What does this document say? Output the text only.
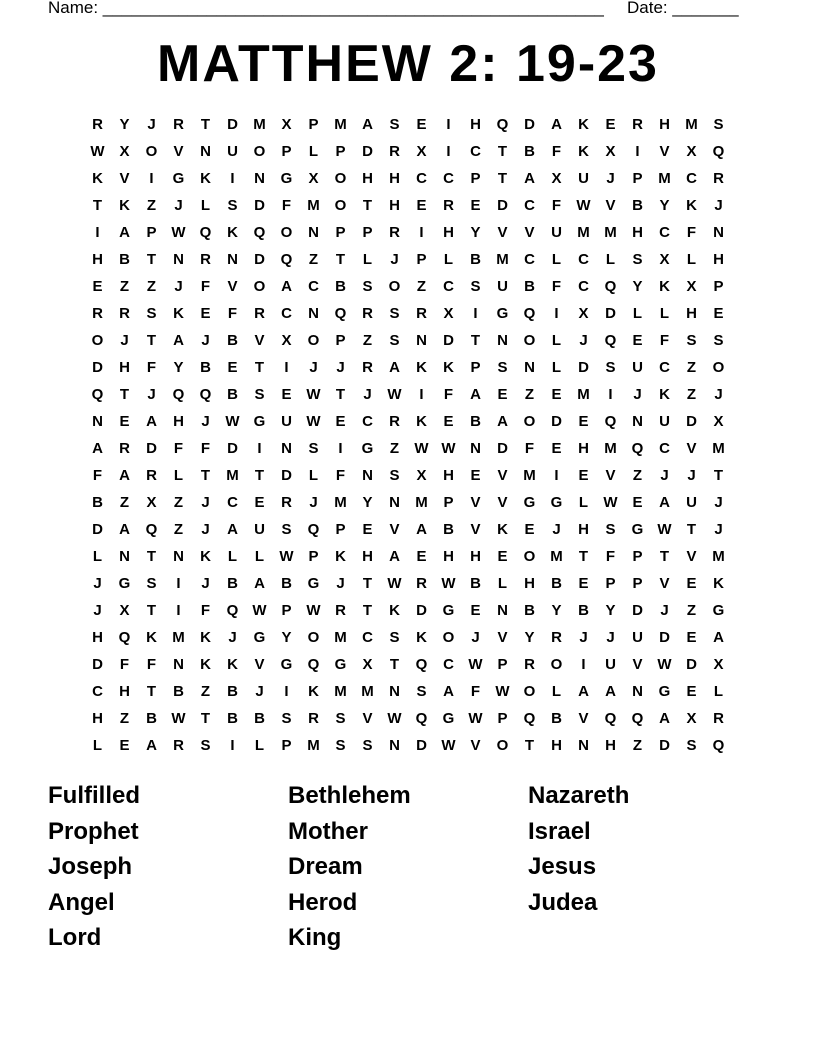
Name: _____________________________________________________ Date: _______
MATTHEW 2: 19-23
R	Y	J	R	T	D	M	X	P	M	A	S	E	I	H	Q	D	A	K	E	R	H	M	S
W X	O	V	N	U	O	P	L	P	D	R	X	I	C	T	B	F	K	X	I	V	X	Q
K	V	I	G	K	I	N	G	X	O	H	H	C	C	P	T	A	X	U	J	P	M	C	R
T	K	Z	J	L	S	D	F	M O	T	H	E	R	E	D	C	F	W V	B	Y	K	J
I	A	P W Q	K	Q	O	N	P	P	R	I	H	Y	V	V	U	M M	H	C	F	N
H	B	T	N	R	N	D	Q	Z	T	L	J	P	L	B	M	C	L	C	L	S	X	L	H
E	Z	Z	J	F	V	O	A	C	B	S	O	Z	C	S	U	B	F	C	Q	Y	K	X	P
R	R	S	K	E	F	R	C	N	Q	R	S	R	X	I	G	Q	I	X	D	L	L	H	E
O	J	T	A	J	B	V	X	O	P	Z	S	N	D	T	N	O	L	J	Q	E	F	S	S
D	H	F	Y	B	E	T	I	J	J	R	A	K	K	P	S	N	L	D	S	U	C	Z	O
Q	T	J	Q	Q	B	S	E W	T	J	W	I	F	A	E	Z	E	M	I	J	K	Z	J
N	E	A	H	J	W G	U W E	C	R	K	E	B	A	O	D	E	Q	N	U	D	X
A	R	D	F	F	D	I	N	S	I	G	Z	W W N	D	F	E	H	M Q	C	V	M
F	A	R	L	T	M	T	D	L	F	N	S	X	H	E	V	M	I	E	V	Z	J	J	T
B	Z	X	Z	J	C	E	R	J	M	Y	N	M	P	V	V	G	G	L	W E	A	U	J
D	A	Q	Z	J	A	U	S	Q	P	E	V	A	B	V	K	E	J	H	S	G W	T	J
L	N	T	N	K	L	L	W P	K	H	A	E	H	H	E	O M	T	F	P	T	V	M
J	G	S	I	J	B	A	B	G	J	T	W R W B	L	H	B	E	P	P	V	E	K
J	X	T	I	F	Q W P W R	T	K	D	G	E	N	B	Y	B	Y	D	J	Z	G
H	Q	K	M	K	J	G	Y	O M	C	S	K	O	J	V	Y	R	J	J	U	D	E	A
D	F	F	N	K	K	V	G	Q	G	X	T	Q	C W P	R	O	I	U	V W D	X
C	H	T	B	Z	B	J	I	K	M M	N	S	A	F	W O	L	A	A	N	G	E	L
H	Z	B W	T	B	B	S	R	S	V W Q	G W P	Q	B	V	Q	Q	A	X	R
L	E	A	R	S	I	L	P	M	S	S	N	D W V	O	T	H	N	H	Z	D	S	Q
Fulfilled	Bethlehem	Nazareth
Prophet	Mother	Israel
Joseph	Dream	Jesus
Angel	Herod	Judea
Lord	King
